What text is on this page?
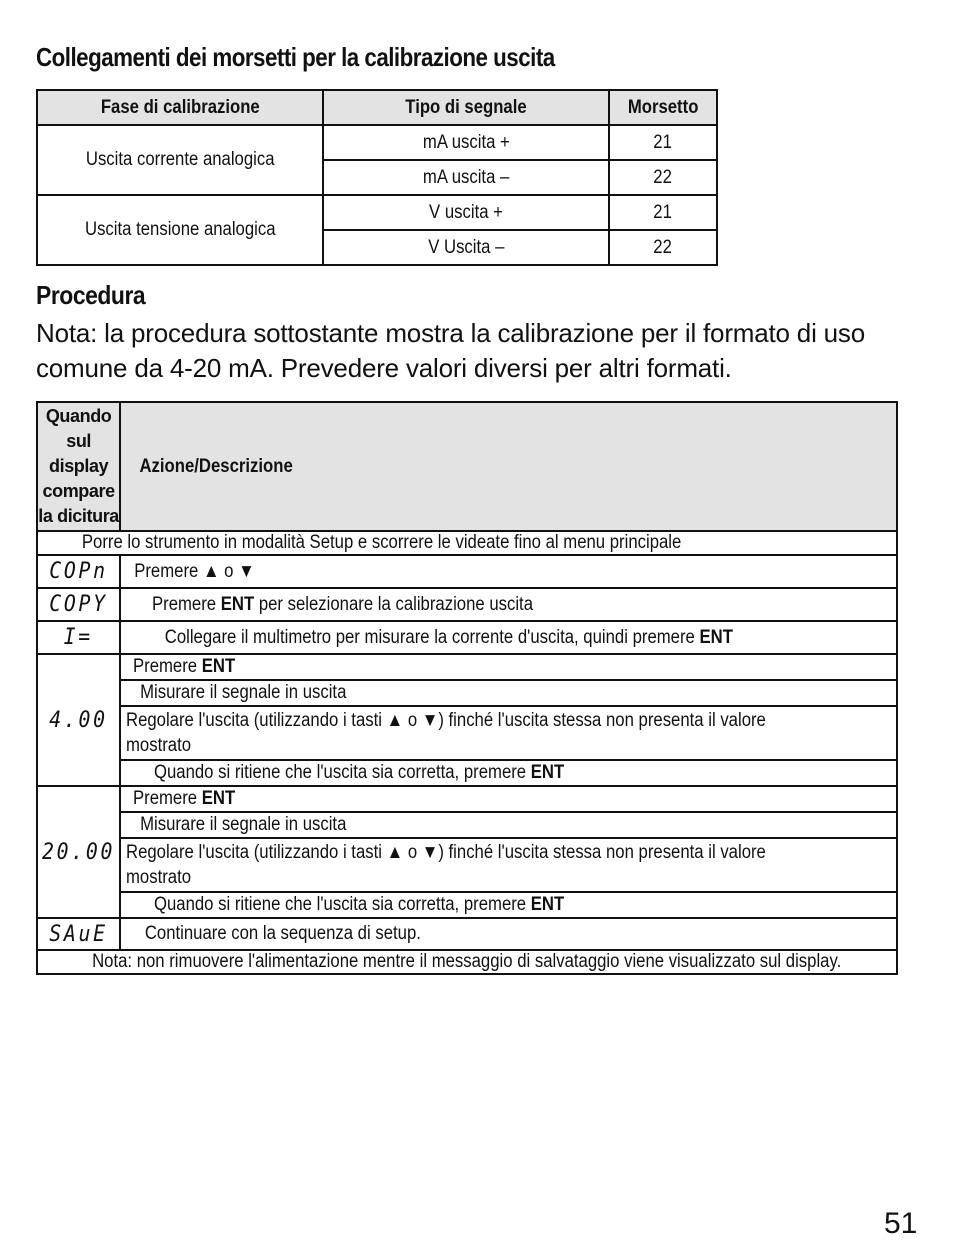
Collegamenti dei morsetti per la calibrazione uscita
Fase di calibrazione	Tipo di segnale	Morsetto
Uscita corrente analogica	mA uscita +	21
	mA uscita –	22
Uscita tensione analogica	V uscita +	21
	V Uscita –	22
Procedura

Nota: la procedura sottostante mostra la calibrazione per il formato di uso comune da 4-20 mA. Prevedere valori diversi per altri formati.

Quando sul display compare la dicitura	Azione/Descrizione
Porre lo strumento in modalità Setup e scorrere le videate fino al menu principale	
COPn	Premere ▲ o ▼
COPY	Premere ENT per selezionare la calibrazione uscita
I=	Collegare il multimetro per misurare la corrente d'uscita, quindi premere ENT
4.00	Premere ENT
	Misurare il segnale in uscita

	Regolare l'uscita (utilizzando i tasti ▲ o ▼) finché l'uscita stessa non presenta il valore mostrato

	Quando si ritiene che l'uscita sia corretta, premere ENT
20.00	Premere ENT
	Misurare il segnale in uscita

	Regolare l'uscita (utilizzando i tasti ▲ o ▼) finché l'uscita stessa non presenta il valore mostrato

	Quando si ritiene che l'uscita sia corretta, premere ENT
SAuE	Continuare con la sequenza di setup.
Nota: non rimuovere l'alimentazione mentre il messaggio di salvataggio viene visualizzato sul display.	
51
